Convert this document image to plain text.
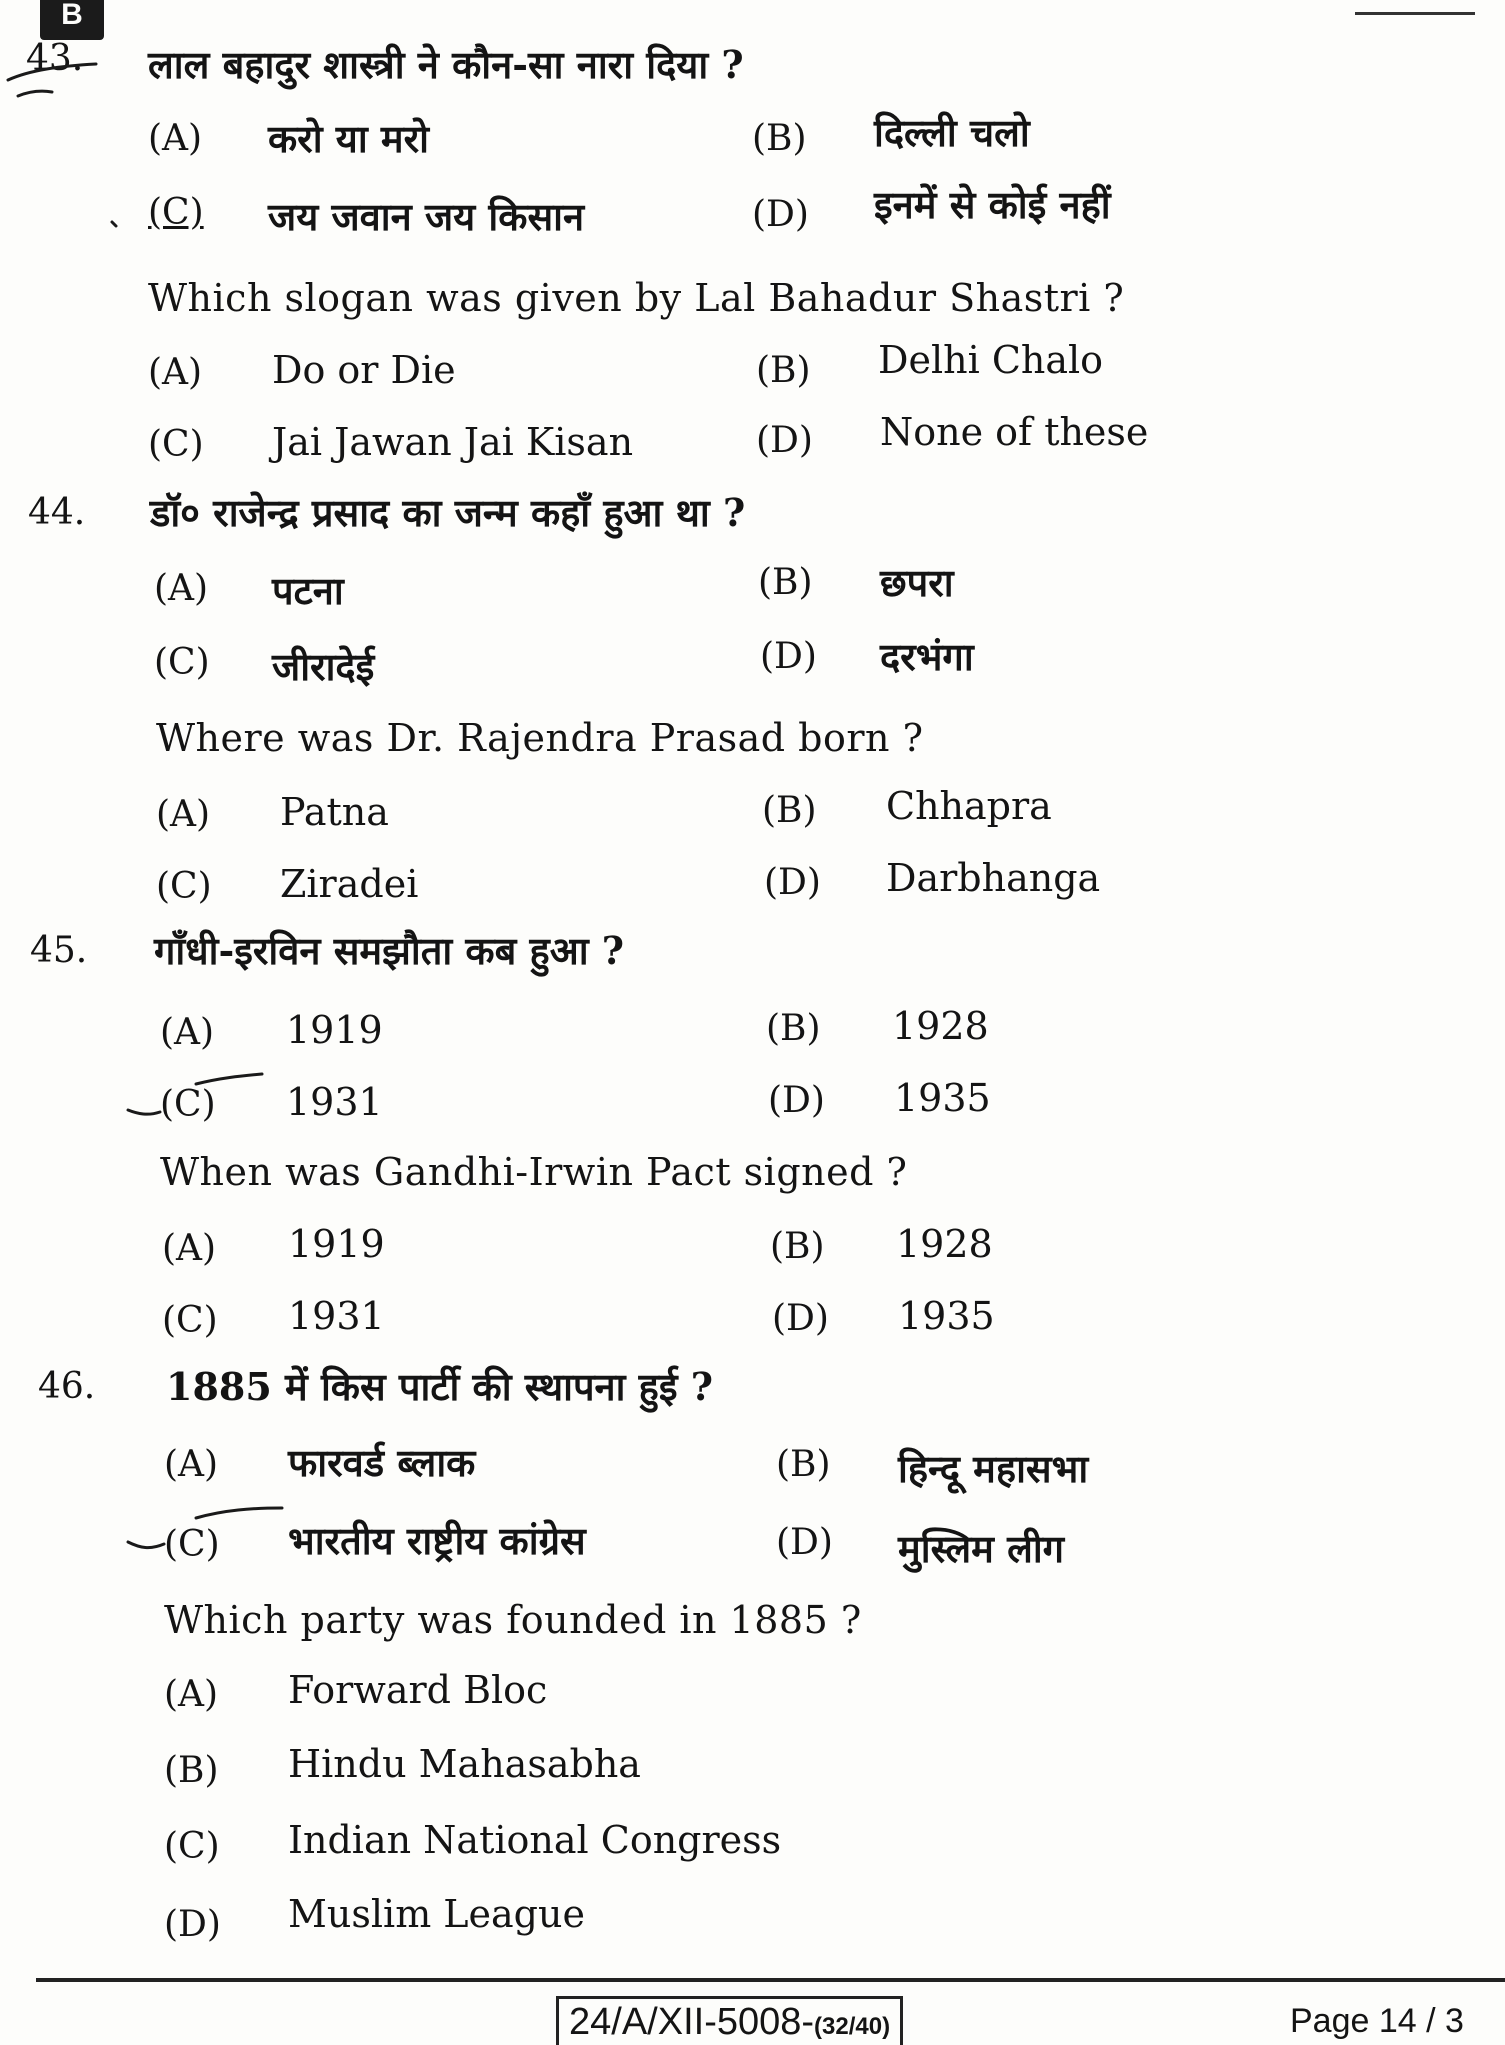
B
43. लाल बहादुर शास्त्री ने कौन-सा नारा दिया ?
(A) करो या मरो	(B) दिल्ली चलो
(C) जय जवान जय किसान	(D) इनमें से कोई नहीं
Which slogan was given by Lal Bahadur Shastri ?
(A) Do or Die	(B) Delhi Chalo
(C) Jai Jawan Jai Kisan	(D) None of these
44. डॉ० राजेन्द्र प्रसाद का जन्म कहाँ हुआ था ?
(A) पटना	(B) छपरा
(C) जीरादेई	(D) दरभंगा
Where was Dr. Rajendra Prasad born ?
(A) Patna	(B) Chhapra
(C) Ziradei	(D) Darbhanga
45. गाँधी-इरविन समझौता कब हुआ ?
(A) 1919	(B) 1928
(C) 1931	(D) 1935
When was Gandhi-Irwin Pact signed ?
(A) 1919	(B) 1928
(C) 1931	(D) 1935
46. 1885 में किस पार्टी की स्थापना हुई ?
(A) फारवर्ड ब्लाक	(B) हिन्दू महासभा
(C) भारतीय राष्ट्रीय कांग्रेस	(D) मुस्लिम लीग
Which party was founded in 1885 ?
(A) Forward Bloc
(B) Hindu Mahasabha
(C) Indian National Congress
(D) Muslim League
24/A/XII-5008-(32/40)	Page 14 / 3
